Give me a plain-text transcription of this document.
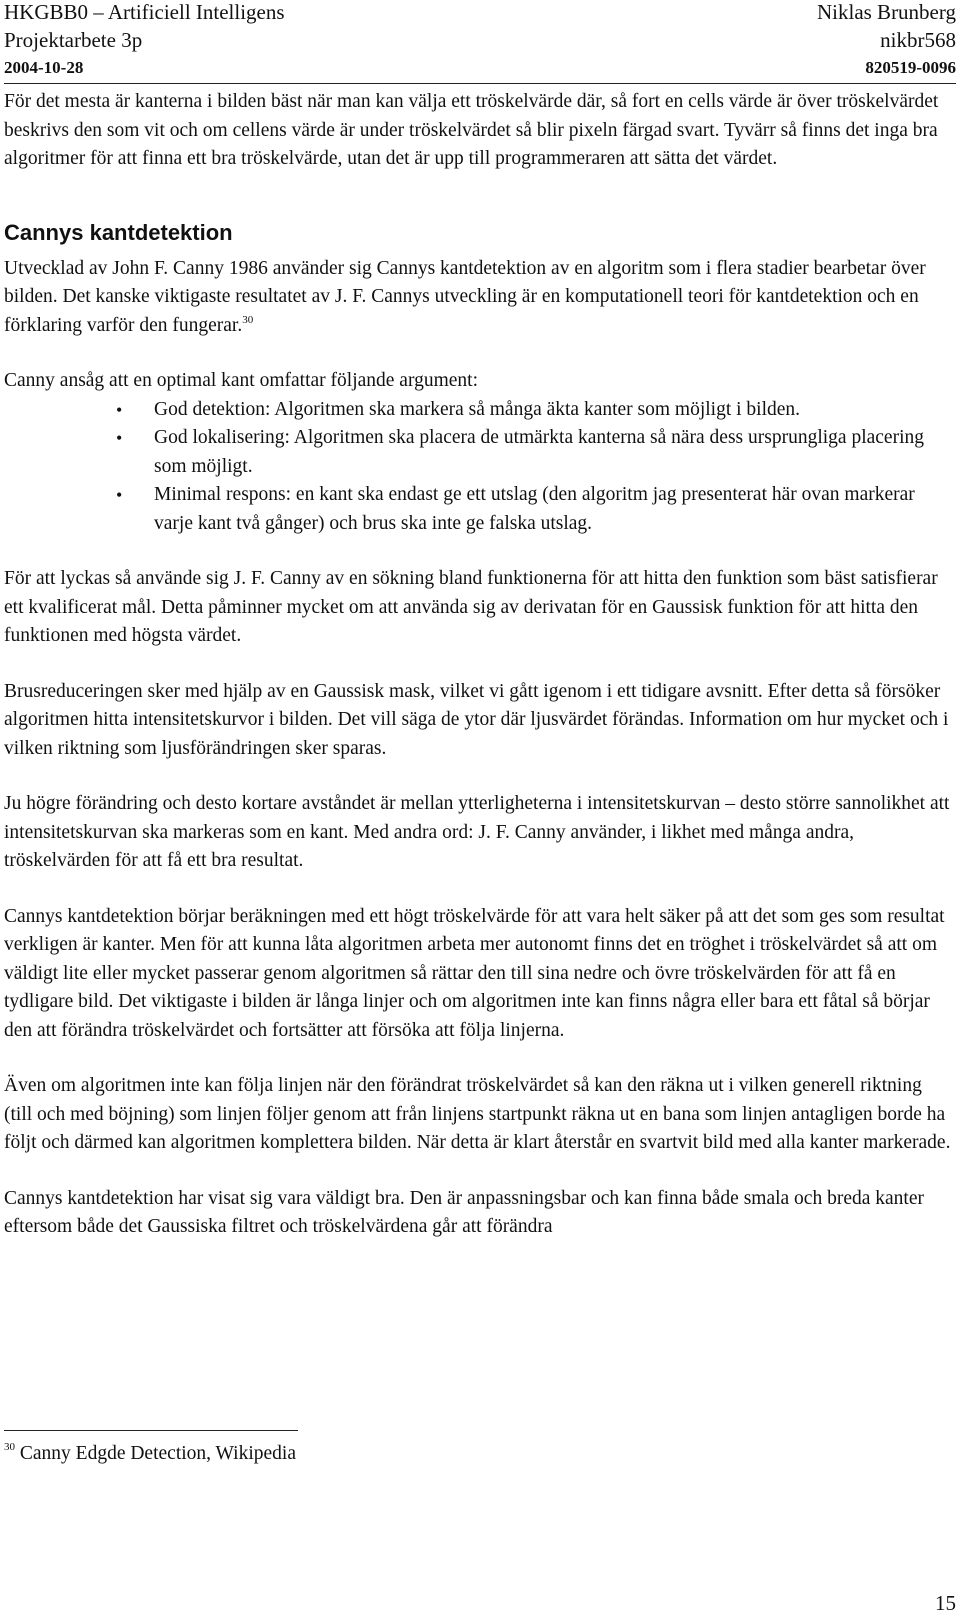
HKGBB0 – Artificiell Intelligens	Niklas Brunberg
Projektarbete 3p	nikbr568
2004-10-28	820519-0096

För det mesta är kanterna i bilden bäst när man kan välja ett tröskelvärde där, så fort en cells värde är över tröskelvärdet beskrivs den som vit och om cellens värde är under tröskelvärdet så blir pixeln färgad svart. Tyvärr så finns det inga bra algoritmer för att finna ett bra tröskelvärde, utan det är upp till programmeraren att sätta det värdet.

Cannys kantdetektion

Utvecklad av John F. Canny 1986 använder sig Cannys kantdetektion av en algoritm som i flera stadier bearbetar över bilden. Det kanske viktigaste resultatet av J. F. Cannys utveckling är en komputationell teori för kantdetektion och en förklaring varför den fungerar.$^{30}$

Canny ansåg att en optimal kant omfattar följande argument:

• God detektion: Algoritmen ska markera så många äkta kanter som möjligt i bilden.
• God lokalisering: Algoritmen ska placera de utmärkta kanterna så nära dess ursprungliga placering som möjligt.
• Minimal respons: en kant ska endast ge ett utslag (den algoritm jag presenterat här ovan markerar varje kant två gånger) och brus ska inte ge falska utslag.

För att lyckas så använde sig J. F. Canny av en sökning bland funktionerna för att hitta den funktion som bäst satisfierar ett kvalificerat mål. Detta påminner mycket om att använda sig av derivatan för en Gaussisk funktion för att hitta den funktionen med högsta värdet.

Brusreduceringen sker med hjälp av en Gaussisk mask, vilket vi gått igenom i ett tidigare avsnitt. Efter detta så försöker algoritmen hitta intensitetskurvor i bilden. Det vill säga de ytor där ljusvärdet förändas. Information om hur mycket och i vilken riktning som ljusförändringen sker sparas.

Ju högre förändring och desto kortare avståndet är mellan ytterligheterna i intensitetskurvan – desto större sannolikhet att intensitetskurvan ska markeras som en kant. Med andra ord: J. F. Canny använder, i likhet med många andra, tröskelvärden för att få ett bra resultat.

Cannys kantdetektion börjar beräkningen med ett högt tröskelvärde för att vara helt säker på att det som ges som resultat verkligen är kanter. Men för att kunna låta algoritmen arbeta mer autonomt finns det en tröghet i tröskelvärdet så att om väldigt lite eller mycket passerar genom algoritmen så rättar den till sina nedre och övre tröskelvärden för att få en tydligare bild. Det viktigaste i bilden är långa linjer och om algoritmen inte kan finns några eller bara ett fåtal så börjar den att förändra tröskelvärdet och fortsätter att försöka att följa linjerna.

Även om algoritmen inte kan följa linjen när den förändrat tröskelvärdet så kan den räkna ut i vilken generell riktning (till och med böjning) som linjen följer genom att från linjens startpunkt räkna ut en bana som linjen antagligen borde ha följt och därmed kan algoritmen komplettera bilden. När detta är klart återstår en svartvit bild med alla kanter markerade.

Cannys kantdetektion har visat sig vara väldigt bra. Den är anpassningsbar och kan finna både smala och breda kanter eftersom både det Gaussiska filtret och tröskelvärdena går att förändra

$^{30}$ Canny Edgde Detection, Wikipedia
15
